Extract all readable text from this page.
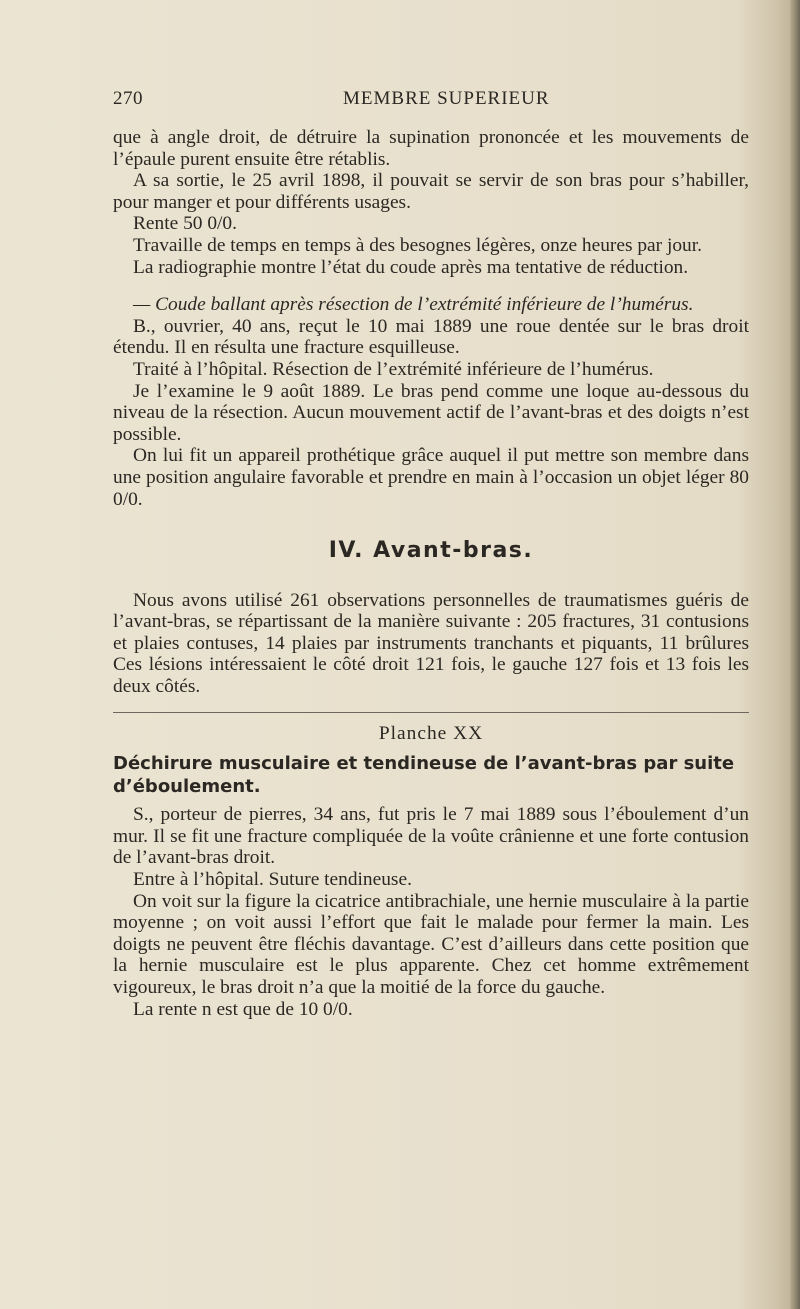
270	MEMBRE SUPERIEUR

que à angle droit, de détruire la supination prononcée et les mouvements de l’épaule purent ensuite être rétablis.

A sa sortie, le 25 avril 1898, il pouvait se servir de son bras pour s’habiller, pour manger et pour différents usages.

Rente 50 0/0.

Travaille de temps en temps à des besognes légères, onze heures par jour.

La radiographie montre l’état du coude après ma tentative de réduction.

— Coude ballant après résection de l’extrémité inférieure de l’humérus.

B., ouvrier, 40 ans, reçut le 10 mai 1889 une roue dentée sur le bras droit étendu. Il en résulta une fracture esquilleuse.

Traité à l’hôpital. Résection de l’extrémité inférieure de l’humérus.

Je l’examine le 9 août 1889. Le bras pend comme une loque au-dessous du niveau de la résection. Aucun mouvement actif de l’avant-bras et des doigts n’est possible.

On lui fit un appareil prothétique grâce auquel il put mettre son membre dans une position angulaire favorable et prendre en main à l’occasion un objet léger 80 0/0.

IV. Avant-bras.

Nous avons utilisé 261 observations personnelles de traumatismes guéris de l’avant-bras, se répartissant de la manière suivante : 205 fractures, 31 contusions et plaies contuses, 14 plaies par instruments tranchants et piquants, 11 brûlures Ces lésions intéressaient le côté droit 121 fois, le gauche 127 fois et 13 fois les deux côtés.

Planche XX

Déchirure musculaire et tendineuse de l’avant-bras par suite d’éboulement.

S., porteur de pierres, 34 ans, fut pris le 7 mai 1889 sous l’éboulement d’un mur. Il se fit une fracture compliquée de la voûte crânienne et une forte contusion de l’avant-bras droit.

Entre à l’hôpital. Suture tendineuse.

On voit sur la figure la cicatrice antibrachiale, une hernie musculaire à la partie moyenne ; on voit aussi l’effort que fait le malade pour fermer la main. Les doigts ne peuvent être fléchis davantage. C’est d’ailleurs dans cette position que la hernie musculaire est le plus apparente. Chez cet homme extrêmement vigoureux, le bras droit n’a que la moitié de la force du gauche.

La rente n est que de 10 0/0.
